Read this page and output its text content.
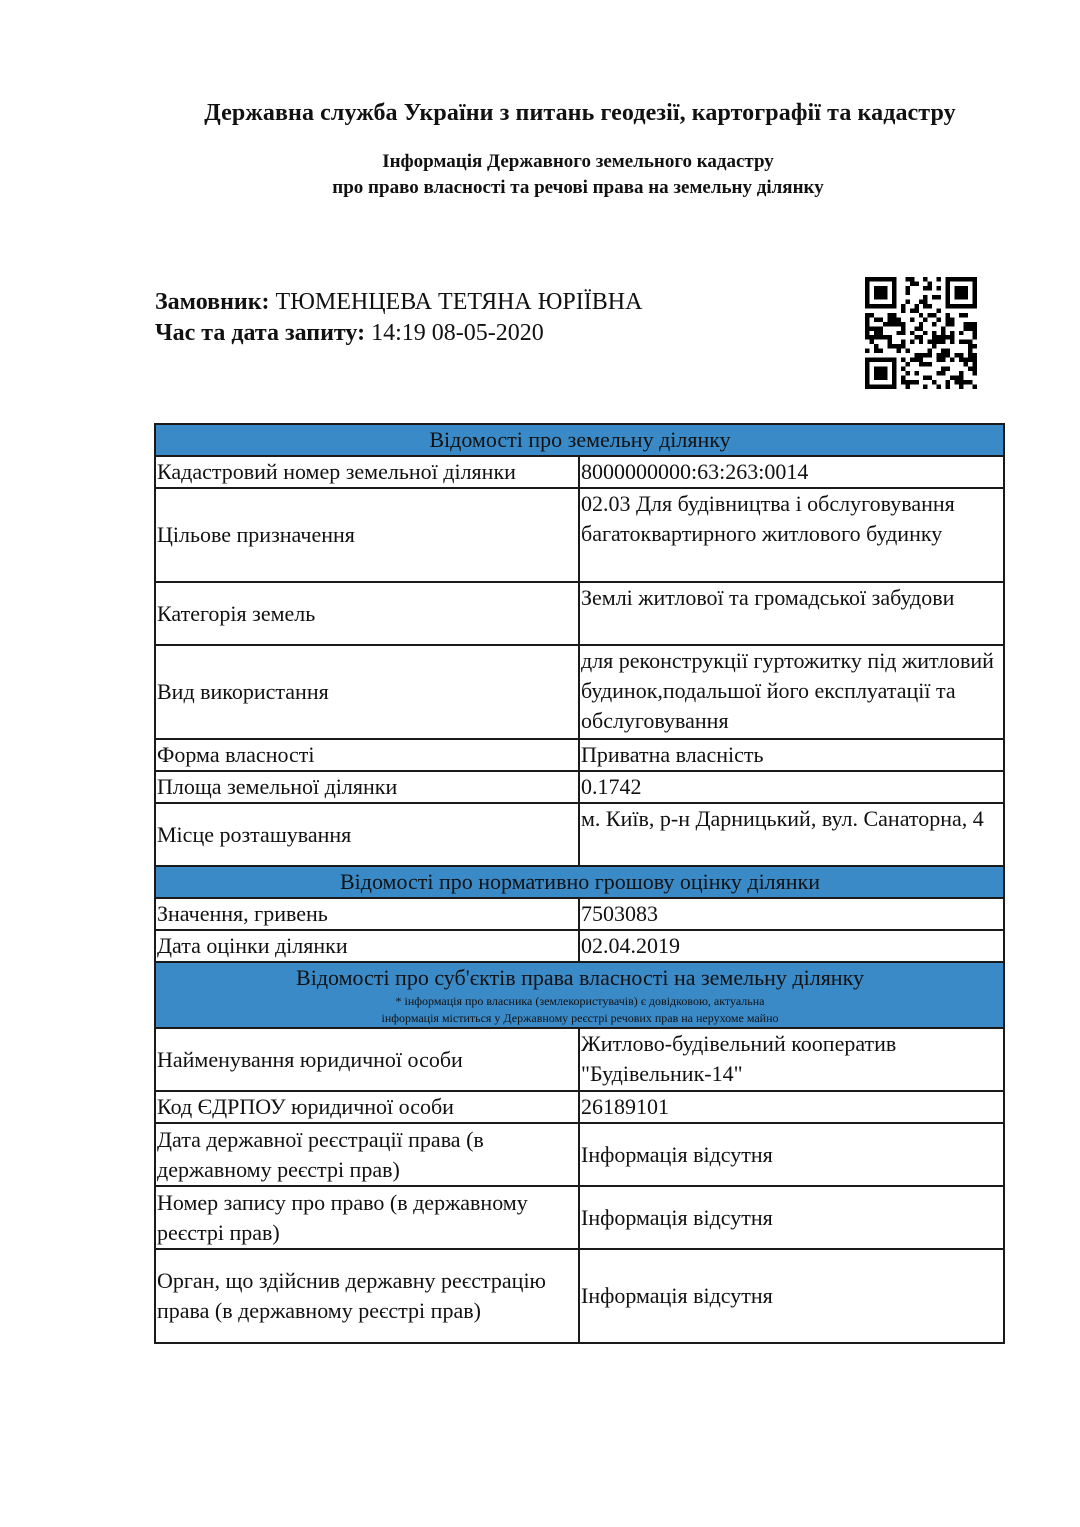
Державна служба України з питань геодезії, картографії та кадастру
Інформація Державного земельного кадастру
про право власності та речові права на земельну ділянку
Замовник: ТЮМЕНЦЕВА ТЕТЯНА ЮРІЇВНА
Час та дата запиту: 14:19 08-05-2020
Відомості про земельну ділянку	
Кадастровий номер земельної ділянки	8000000000:63:263:0014
Цільове призначення	02.03 Для будівництва і обслуговування багатоквартирного житлового будинку
Категорія земель	Землі житлової та громадської забудови
Вид використання	для реконструкції гуртожитку під житловий будинок,подальшої його експлуатації та обслуговування
Форма власності	Приватна власність
Площа земельної ділянки	0.1742
Місце розташування	м. Київ, р-н Дарницький, вул. Санаторна, 4
Відомості про нормативно грошову оцінку ділянки	
Значення, гривень	7503083
Дата оцінки ділянки	02.04.2019

Відомості про суб'єктів права власності на земельну ділянку
* інформація про власника (землекористувачів) є довідковою, актуальна
інформація міститься у Державному реєстрі речових прав на нерухоме майно	

Найменування юридичної особи	Житлово-будівельний кооператив "Будівельник-14"
Код ЄДРПОУ юридичної особи	26189101
Дата державної реєстрації права (в державному реєстрі прав)	Інформація відсутня
Номер запису про право (в державному реєстрі прав)	Інформація відсутня
Орган, що здійснив державну реєстрацію права (в державному реєстрі прав)	Інформація відсутня
